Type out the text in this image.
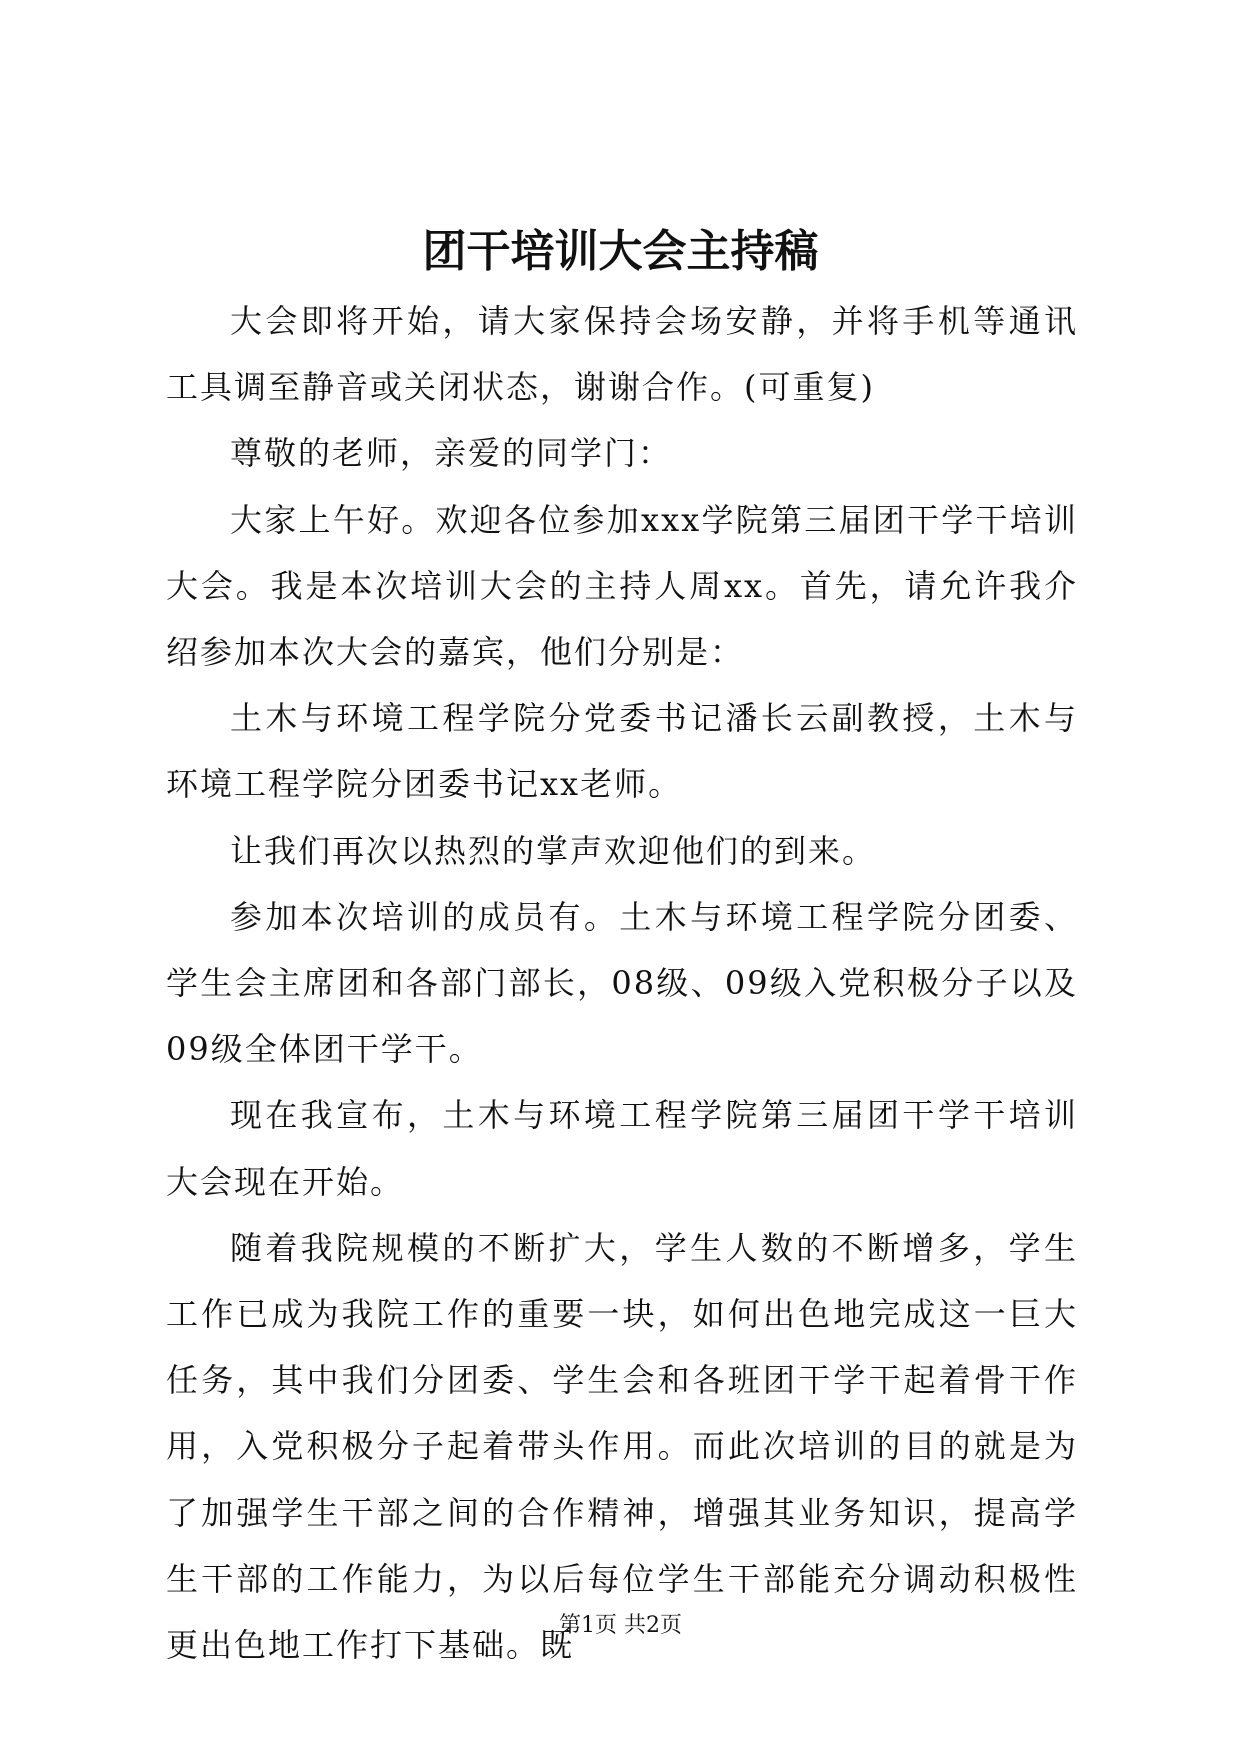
团干培训大会主持稿

大会即将开始，请大家保持会场安静，并将手机等通讯工具调至静音或关闭状态，谢谢合作。(可重复)

尊敬的老师，亲爱的同学门：

大家上午好。欢迎各位参加xxx学院第三届团干学干培训大会。我是本次培训大会的主持人周xx。首先，请允许我介绍参加本次大会的嘉宾，他们分别是：

土木与环境工程学院分党委书记潘长云副教授，土木与环境工程学院分团委书记xx老师。

让我们再次以热烈的掌声欢迎他们的到来。

参加本次培训的成员有。土木与环境工程学院分团委、学生会主席团和各部门部长，08级、09级入党积极分子以及09级全体团干学干。

现在我宣布，土木与环境工程学院第三届团干学干培训大会现在开始。

随着我院规模的不断扩大，学生人数的不断增多，学生工作已成为我院工作的重要一块，如何出色地完成这一巨大任务，其中我们分团委、学生会和各班团干学干起着骨干作用，入党积极分子起着带头作用。而此次培训的目的就是为了加强学生干部之间的合作精神，增强其业务知识，提高学生干部的工作能力，为以后每位学生干部能充分调动积极性更出色地工作打下基础。既

第1页 共2页
